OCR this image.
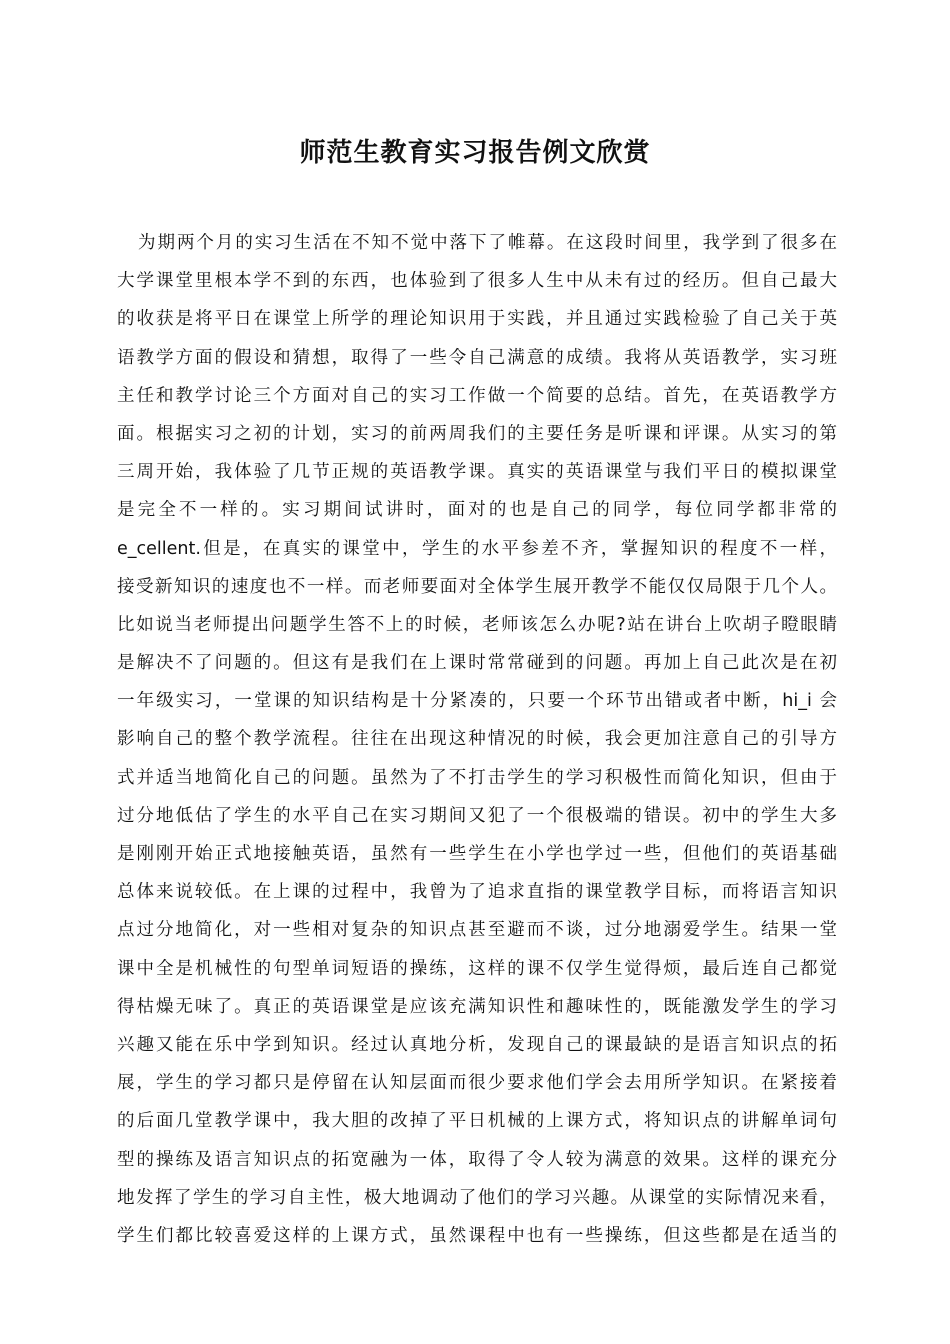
师范生教育实习报告例文欣赏
为期两个月的实习生活在不知不觉中落下了帷幕。在这段时间里，我学到了很多在
大学课堂里根本学不到的东西，也体验到了很多人生中从未有过的经历。但自己最大
的收获是将平日在课堂上所学的理论知识用于实践，并且通过实践检验了自己关于英
语教学方面的假设和猜想，取得了一些令自己满意的成绩。我将从英语教学，实习班
主任和教学讨论三个方面对自己的实习工作做一个简要的总结。首先，在英语教学方
面。根据实习之初的计划，实习的前两周我们的主要任务是听课和评课。从实习的第
三周开始，我体验了几节正规的英语教学课。真实的英语课堂与我们平日的模拟课堂
是完全不一样的。实习期间试讲时，面对的也是自己的同学，每位同学都非常的
e_cellent.但是，在真实的课堂中，学生的水平参差不齐，掌握知识的程度不一样，
接受新知识的速度也不一样。而老师要面对全体学生展开教学不能仅仅局限于几个人。
比如说当老师提出问题学生答不上的时候，老师该怎么办呢?站在讲台上吹胡子瞪眼睛
是解决不了问题的。但这有是我们在上课时常常碰到的问题。再加上自己此次是在初
一年级实习，一堂课的知识结构是十分紧凑的，只要一个环节出错或者中断，hi_i 会
影响自己的整个教学流程。往往在出现这种情况的时候，我会更加注意自己的引导方
式并适当地简化自己的问题。虽然为了不打击学生的学习积极性而简化知识，但由于
过分地低估了学生的水平自己在实习期间又犯了一个很极端的错误。初中的学生大多
是刚刚开始正式地接触英语，虽然有一些学生在小学也学过一些，但他们的英语基础
总体来说较低。在上课的过程中，我曾为了追求直指的课堂教学目标，而将语言知识
点过分地简化，对一些相对复杂的知识点甚至避而不谈，过分地溺爱学生。结果一堂
课中全是机械性的句型单词短语的操练，这样的课不仅学生觉得烦，最后连自己都觉
得枯燥无味了。真正的英语课堂是应该充满知识性和趣味性的，既能激发学生的学习
兴趣又能在乐中学到知识。经过认真地分析，发现自己的课最缺的是语言知识点的拓
展，学生的学习都只是停留在认知层面而很少要求他们学会去用所学知识。在紧接着
的后面几堂教学课中，我大胆的改掉了平日机械的上课方式，将知识点的讲解单词句
型的操练及语言知识点的拓宽融为一体，取得了令人较为满意的效果。这样的课充分
地发挥了学生的学习自主性，极大地调动了他们的学习兴趣。从课堂的实际情况来看，
学生们都比较喜爱这样的上课方式，虽然课程中也有一些操练，但这些都是在适当的
